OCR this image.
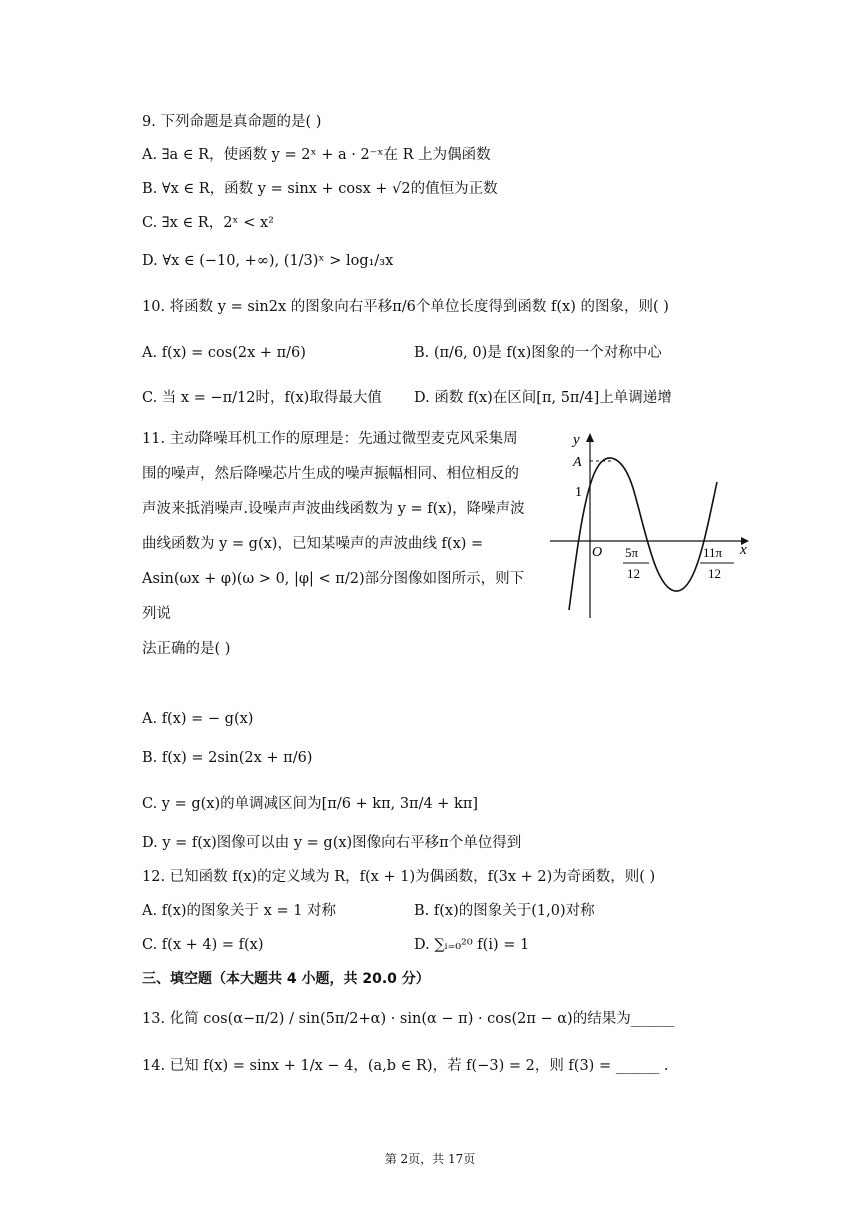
9. 下列命题是真命题的是( )
A. ∃a ∈ R，使函数 y = 2ˣ + a · 2⁻ˣ在 R 上为偶函数
B. ∀x ∈ R，函数 y = sinx + cosx + √2的值恒为正数
C. ∃x ∈ R，2ˣ < x²
D. ∀x ∈ (−10, +∞), (1/3)ˣ > log₁/₃x
10. 将函数 y = sin2x 的图象向右平移π/6个单位长度得到函数 f(x) 的图象，则( )
A. f(x) = cos(2x + π/6)	B. (π/6, 0)是 f(x)图象的一个对称中心
C. 当 x = −π/12时，f(x)取得最大值 D. 函数 f(x)在区间[π, 5π/4]上单调递增
11. 主动降噪耳机工作的原理是：先通过微型麦克风采集周
围的噪声，然后降噪芯片生成的噪声振幅相同、相位相反的
声波来抵消噪声.设噪声声波曲线函数为 y = f(x)，降噪声波
曲线函数为 y = g(x)，已知某噪声的声波曲线 f(x) =
Asin(ωx + φ)(ω > 0, |φ| < π/2)部分图像如图所示，则下列说
法正确的是( )
y
x
A
1
O 5π
12
11π
12
A. f(x) = − g(x)
B. f(x) = 2sin(2x + π/6)
C. y = g(x)的单调减区间为[π/6 + kπ, 3π/4 + kπ]
D. y = f(x)图像可以由 y = g(x)图像向右平移π个单位得到
12. 已知函数 f(x)的定义域为 R，f(x + 1)为偶函数，f(3x + 2)为奇函数，则( )
A. f(x)的图象关于 x = 1 对称	B. f(x)的图象关于(1,0)对称
C. f(x + 4) = f(x)	D. ∑ᵢ₌₀²⁰ f(i) = 1
三、填空题（本大题共 4 小题，共 20.0 分）
13. 化简 cos(α−π/2) / sin(5π/2+α) · sin(α − π) · cos(2π − α)的结果为______
14. 已知 f(x) = sinx + 1/x − 4，(a,b ∈ R)，若 f(−3) = 2，则 f(3) = ______ .
第 2页，共 17页
